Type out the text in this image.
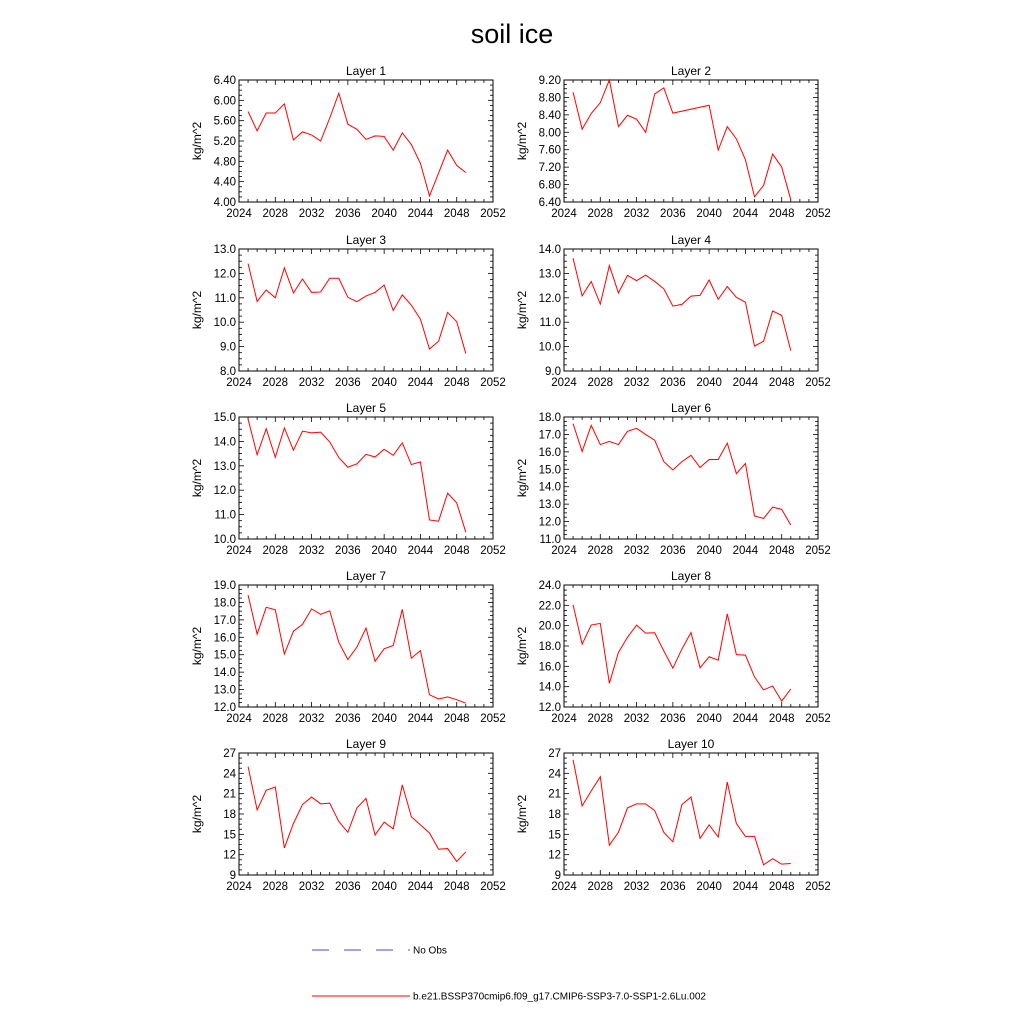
soil ice
Layer 1
kg/m^2
2024 2028 2032 2036 2040 2044 2048 2052
4.00
4.40
4.80
5.20
5.60
6.00
6.40
Layer 2
kg/m^2
2024 2028 2032 2036 2040 2044 2048 2052
6.40
6.80
7.20
7.60
8.00
8.40
8.80
9.20
Layer 3
kg/m^2
2024 2028 2032 2036 2040 2044 2048 2052
8.0
9.0
10.0
11.0
12.0
13.0
Layer 4
kg/m^2
2024 2028 2032 2036 2040 2044 2048 2052
9.0
10.0
11.0
12.0
13.0
14.0
Layer 5
kg/m^2
2024 2028 2032 2036 2040 2044 2048 2052
10.0
11.0
12.0
13.0
14.0
15.0
Layer 6
kg/m^2
2024 2028 2032 2036 2040 2044 2048 2052
11.0
12.0
13.0
14.0
15.0
16.0
17.0
18.0
Layer 7
kg/m^2
2024 2028 2032 2036 2040 2044 2048 2052
12.0
13.0
14.0
15.0
16.0
17.0
18.0
19.0
Layer 8
kg/m^2
2024 2028 2032 2036 2040 2044 2048 2052
12.0
14.0
16.0
18.0
20.0
22.0
24.0
Layer 9
kg/m^2
2024 2028 2032 2036 2040 2044 2048 2052
9
12
15
18
21
24
27
Layer 10
kg/m^2
2024 2028 2032 2036 2040 2044 2048 2052
9
12
15
18
21
24
27
No Obs
b.e21.BSSP370cmip6.f09_g17.CMIP6-SSP3-7.0-SSP1-2.6Lu.002
